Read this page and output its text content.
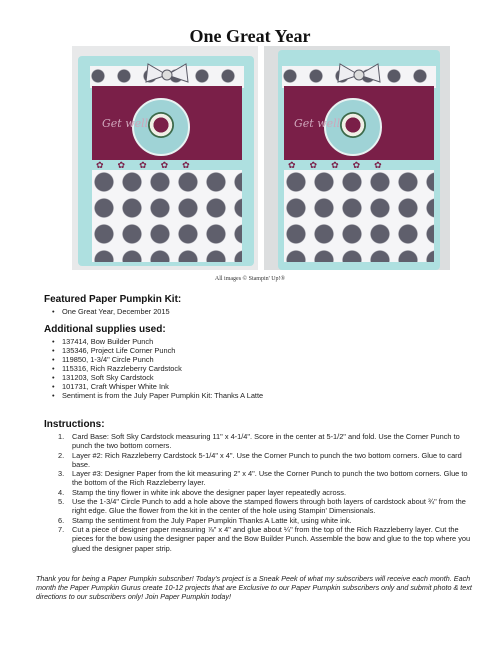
One Great Year
Get well
✿✿✿✿✿
Get well
✿✿✿✿✿
All images © Stampin' Up!®
Featured Paper Pumpkin Kit:
• One Great Year, December 2015
Additional supplies used:
• 137414, Bow Builder Punch
• 135346, Project Life Corner Punch
• 119850, 1-3/4" Circle Punch
• 115316, Rich Razzleberry Cardstock
• 131203, Soft Sky Cardstock
• 101731, Craft Whisper White Ink
• Sentiment is from the July Paper Pumpkin Kit: Thanks A Latte
Instructions:
1. Card Base: Soft Sky Cardstock measuring 11" x 4-1/4". Score in the center at 5-1/2" and fold. Use the Corner Punch to punch the two bottom corners.
2. Layer #2: Rich Razzleberry Cardstock 5-1/4" x 4". Use the Corner Punch to punch the two bottom corners. Glue to card base.
3. Layer #3: Designer Paper from the kit measuring 2" x 4". Use the Corner Punch to punch the two bottom corners. Glue to the bottom of the Rich Razzleberry layer.
4. Stamp the tiny flower in white ink above the designer paper layer repeatedly across.
5. Use the 1-3/4" Circle Punch to add a hole above the stamped flowers through both layers of cardstock about ¾" from the right edge. Glue the flower from the kit in the center of the hole using Stampin' Dimensionals.
6. Stamp the sentiment from the July Paper Pumpkin Thanks A Latte kit, using white ink.
7. Cut a piece of designer paper measuring ⅞" x 4" and glue about ¼" from the top of the Rich Razzleberry layer. Cut the pieces for the bow using the designer paper and the Bow Builder Punch. Assemble the bow and glue to the top where you glued the designer paper strip.
Thank you for being a Paper Pumpkin subscriber! Today's project is a Sneak Peek of what my subscribers will receive each month. Each month the Paper Pumpkin Gurus create 10-12 projects that are Exclusive to our Paper Pumpkin subscribers only and submit photo & text directions to our subscribers only! Join Paper Pumpkin today!
